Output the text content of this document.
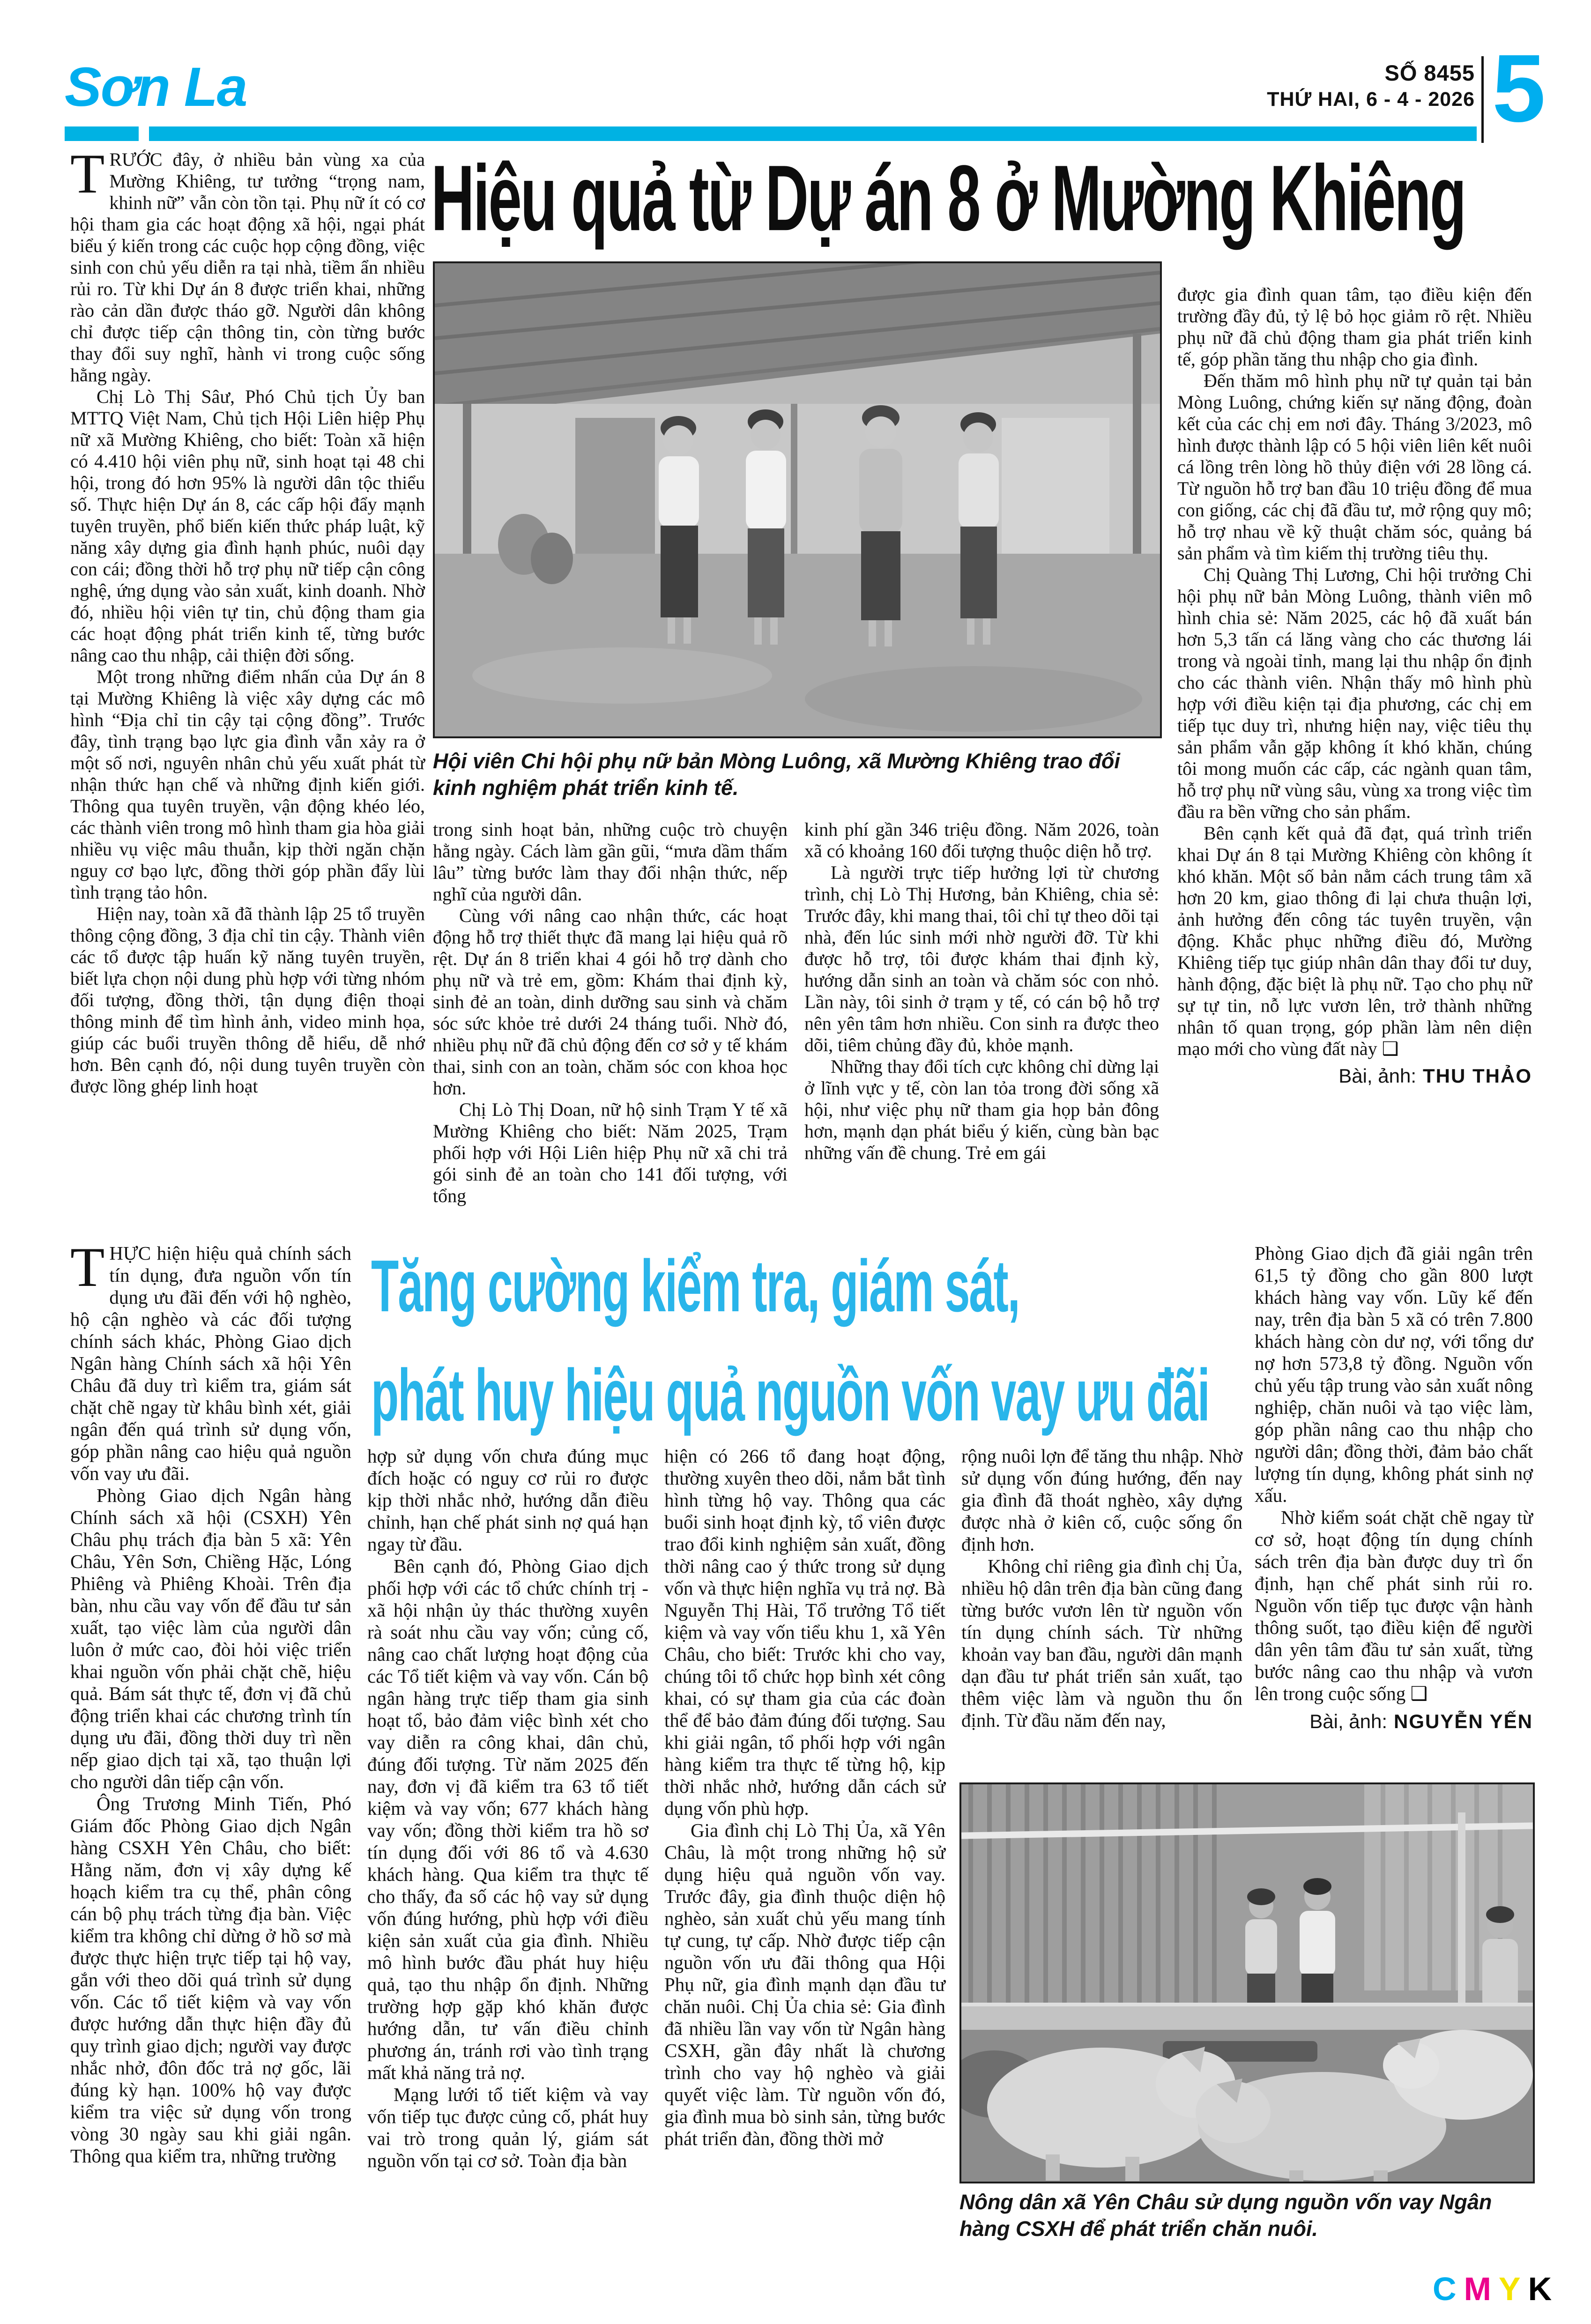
Sơn La	SỐ 8455
THỨ HAI, 6 - 4 - 2026 5
Hiệu quả từ Dự án 8 ở Mường Khiêng

TRƯỚC đây, ở nhiều bản vùng xa của Mường Khiêng, tư tưởng “trọng nam, khinh nữ” vẫn còn tồn tại. Phụ nữ ít có cơ hội tham gia các hoạt động xã hội, ngại phát biểu ý kiến trong các cuộc họp cộng đồng, việc sinh con chủ yếu diễn ra tại nhà, tiềm ẩn nhiều rủi ro. Từ khi Dự án 8 được triển khai, những rào cản dần được tháo gỡ. Người dân không chỉ được tiếp cận thông tin, còn từng bước thay đổi suy nghĩ, hành vi trong cuộc sống hằng ngày.

Chị Lò Thị Sâư, Phó Chủ tịch Ủy ban MTTQ Việt Nam, Chủ tịch Hội Liên hiệp Phụ nữ xã Mường Khiêng, cho biết: Toàn xã hiện có 4.410 hội viên phụ nữ, sinh hoạt tại 48 chi hội, trong đó hơn 95% là người dân tộc thiểu số. Thực hiện Dự án 8, các cấp hội đẩy mạnh tuyên truyền, phổ biến kiến thức pháp luật, kỹ năng xây dựng gia đình hạnh phúc, nuôi dạy con cái; đồng thời hỗ trợ phụ nữ tiếp cận công nghệ, ứng dụng vào sản xuất, kinh doanh. Nhờ đó, nhiều hội viên tự tin, chủ động tham gia các hoạt động phát triển kinh tế, từng bước nâng cao thu nhập, cải thiện đời sống.

Một trong những điểm nhấn của Dự án 8 tại Mường Khiêng là việc xây dựng các mô hình “Địa chỉ tin cậy tại cộng đồng”. Trước đây, tình trạng bạo lực gia đình vẫn xảy ra ở một số nơi, nguyên nhân chủ yếu xuất phát từ nhận thức hạn chế và những định kiến giới. Thông qua tuyên truyền, vận động khéo léo, các thành viên trong mô hình tham gia hòa giải nhiều vụ việc mâu thuẫn, kịp thời ngăn chặn nguy cơ bạo lực, đồng thời góp phần đẩy lùi tình trạng tảo hôn.

Hiện nay, toàn xã đã thành lập 25 tổ truyền thông cộng đồng, 3 địa chỉ tin cậy. Thành viên các tổ được tập huấn kỹ năng tuyên truyền, biết lựa chọn nội dung phù hợp với từng nhóm đối tượng, đồng thời, tận dụng điện thoại thông minh để tìm hình ảnh, video minh họa, giúp các buổi truyền thông dễ hiểu, dễ nhớ hơn. Bên cạnh đó, nội dung tuyên truyền còn được lồng ghép linh hoạt

Hội viên Chi hội phụ nữ bản Mòng Luông, xã Mường Khiêng trao đổi kinh nghiệm phát triển kinh tế.

trong sinh hoạt bản, những cuộc trò chuyện hằng ngày. Cách làm gần gũi, “mưa dầm thấm lâu” từng bước làm thay đổi nhận thức, nếp nghĩ của người dân.

Cùng với nâng cao nhận thức, các hoạt động hỗ trợ thiết thực đã mang lại hiệu quả rõ rệt. Dự án 8 triển khai 4 gói hỗ trợ dành cho phụ nữ và trẻ em, gồm: Khám thai định kỳ, sinh đẻ an toàn, dinh dưỡng sau sinh và chăm sóc sức khỏe trẻ dưới 24 tháng tuổi. Nhờ đó, nhiều phụ nữ đã chủ động đến cơ sở y tế khám thai, sinh con an toàn, chăm sóc con khoa học hơn.

Chị Lò Thị Doan, nữ hộ sinh Trạm Y tế xã Mường Khiêng cho biết: Năm 2025, Trạm phối hợp với Hội Liên hiệp Phụ nữ xã chi trả gói sinh đẻ an toàn cho 141 đối tượng, với tổng

kinh phí gần 346 triệu đồng. Năm 2026, toàn xã có khoảng 160 đối tượng thuộc diện hỗ trợ.

Là người trực tiếp hưởng lợi từ chương trình, chị Lò Thị Hương, bản Khiêng, chia sẻ: Trước đây, khi mang thai, tôi chỉ tự theo dõi tại nhà, đến lúc sinh mới nhờ người đỡ. Từ khi được hỗ trợ, tôi được khám thai định kỳ, hướng dẫn sinh an toàn và chăm sóc con nhỏ. Lần này, tôi sinh ở trạm y tế, có cán bộ hỗ trợ nên yên tâm hơn nhiều. Con sinh ra được theo dõi, tiêm chủng đầy đủ, khỏe mạnh.

Những thay đổi tích cực không chỉ dừng lại ở lĩnh vực y tế, còn lan tỏa trong đời sống xã hội, như việc phụ nữ tham gia họp bản đông hơn, mạnh dạn phát biểu ý kiến, cùng bàn bạc những vấn đề chung. Trẻ em gái

được gia đình quan tâm, tạo điều kiện đến trường đầy đủ, tỷ lệ bỏ học giảm rõ rệt. Nhiều phụ nữ đã chủ động tham gia phát triển kinh tế, góp phần tăng thu nhập cho gia đình.

Đến thăm mô hình phụ nữ tự quản tại bản Mòng Luông, chứng kiến sự năng động, đoàn kết của các chị em nơi đây. Tháng 3/2023, mô hình được thành lập có 5 hội viên liên kết nuôi cá lồng trên lòng hồ thủy điện với 28 lồng cá. Từ nguồn hỗ trợ ban đầu 10 triệu đồng để mua con giống, các chị đã đầu tư, mở rộng quy mô; hỗ trợ nhau về kỹ thuật chăm sóc, quảng bá sản phẩm và tìm kiếm thị trường tiêu thụ.

Chị Quàng Thị Lương, Chi hội trưởng Chi hội phụ nữ bản Mòng Luông, thành viên mô hình chia sẻ: Năm 2025, các hộ đã xuất bán hơn 5,3 tấn cá lăng vàng cho các thương lái trong và ngoài tỉnh, mang lại thu nhập ổn định cho các thành viên. Nhận thấy mô hình phù hợp với điều kiện tại địa phương, các chị em tiếp tục duy trì, nhưng hiện nay, việc tiêu thụ sản phẩm vẫn gặp không ít khó khăn, chúng tôi mong muốn các cấp, các ngành quan tâm, hỗ trợ phụ nữ vùng sâu, vùng xa trong việc tìm đầu ra bền vững cho sản phẩm.

Bên cạnh kết quả đã đạt, quá trình triển khai Dự án 8 tại Mường Khiêng còn không ít khó khăn. Một số bản nằm cách trung tâm xã hơn 20 km, giao thông đi lại chưa thuận lợi, ảnh hưởng đến công tác tuyên truyền, vận động. Khắc phục những điều đó, Mường Khiêng tiếp tục giúp nhân dân thay đổi tư duy, hành động, đặc biệt là phụ nữ. Tạo cho phụ nữ sự tự tin, nỗ lực vươn lên, trở thành những nhân tố quan trọng, góp phần làm nên diện mạo mới cho vùng đất này ❑

Bài, ảnh: THU THẢO
Tăng cường kiểm tra, giám sát,
phát huy hiệu quả nguồn vốn vay ưu đãi

THỰC hiện hiệu quả chính sách tín dụng, đưa nguồn vốn tín dụng ưu đãi đến với hộ nghèo, hộ cận nghèo và các đối tượng chính sách khác, Phòng Giao dịch Ngân hàng Chính sách xã hội Yên Châu đã duy trì kiểm tra, giám sát chặt chẽ ngay từ khâu bình xét, giải ngân đến quá trình sử dụng vốn, góp phần nâng cao hiệu quả nguồn vốn vay ưu đãi.

Phòng Giao dịch Ngân hàng Chính sách xã hội (CSXH) Yên Châu phụ trách địa bàn 5 xã: Yên Châu, Yên Sơn, Chiềng Hặc, Lóng Phiêng và Phiêng Khoài. Trên địa bàn, nhu cầu vay vốn để đầu tư sản xuất, tạo việc làm của người dân luôn ở mức cao, đòi hỏi việc triển khai nguồn vốn phải chặt chẽ, hiệu quả. Bám sát thực tế, đơn vị đã chủ động triển khai các chương trình tín dụng ưu đãi, đồng thời duy trì nền nếp giao dịch tại xã, tạo thuận lợi cho người dân tiếp cận vốn.

Ông Trương Minh Tiến, Phó Giám đốc Phòng Giao dịch Ngân hàng CSXH Yên Châu, cho biết: Hằng năm, đơn vị xây dựng kế hoạch kiểm tra cụ thể, phân công cán bộ phụ trách từng địa bàn. Việc kiểm tra không chỉ dừng ở hồ sơ mà được thực hiện trực tiếp tại hộ vay, gắn với theo dõi quá trình sử dụng vốn. Các tổ tiết kiệm và vay vốn được hướng dẫn thực hiện đầy đủ quy trình giao dịch; người vay được nhắc nhở, đôn đốc trả nợ gốc, lãi đúng kỳ hạn. 100% hộ vay được kiểm tra việc sử dụng vốn trong vòng 30 ngày sau khi giải ngân. Thông qua kiểm tra, những trường

Phòng Giao dịch đã giải ngân trên 61,5 tỷ đồng cho gần 800 lượt khách hàng vay vốn. Lũy kế đến nay, trên địa bàn 5 xã có trên 7.800 khách hàng còn dư nợ, với tổng dư nợ hơn 573,8 tỷ đồng. Nguồn vốn chủ yếu tập trung vào sản xuất nông nghiệp, chăn nuôi và tạo việc làm, góp phần nâng cao thu nhập cho người dân; đồng thời, đảm bảo chất lượng tín dụng, không phát sinh nợ xấu.

Nhờ kiểm soát chặt chẽ ngay từ cơ sở, hoạt động tín dụng chính sách trên địa bàn được duy trì ổn định, hạn chế phát sinh rủi ro. Nguồn vốn tiếp tục được vận hành thông suốt, tạo điều kiện để người dân yên tâm đầu tư sản xuất, từng bước nâng cao thu nhập và vươn lên trong cuộc sống ❑

Bài, ảnh: NGUYỄN YẾN

hợp sử dụng vốn chưa đúng mục đích hoặc có nguy cơ rủi ro được kịp thời nhắc nhở, hướng dẫn điều chỉnh, hạn chế phát sinh nợ quá hạn ngay từ đầu.

Bên cạnh đó, Phòng Giao dịch phối hợp với các tổ chức chính trị - xã hội nhận ủy thác thường xuyên rà soát nhu cầu vay vốn; củng cố, nâng cao chất lượng hoạt động của các Tổ tiết kiệm và vay vốn. Cán bộ ngân hàng trực tiếp tham gia sinh hoạt tổ, bảo đảm việc bình xét cho vay diễn ra công khai, dân chủ, đúng đối tượng. Từ năm 2025 đến nay, đơn vị đã kiểm tra 63 tổ tiết kiệm và vay vốn; 677 khách hàng vay vốn; đồng thời kiểm tra hồ sơ tín dụng đối với 86 tổ và 4.630 khách hàng. Qua kiểm tra thực tế cho thấy, đa số các hộ vay sử dụng vốn đúng hướng, phù hợp với điều kiện sản xuất của gia đình. Nhiều mô hình bước đầu phát huy hiệu quả, tạo thu nhập ổn định. Những trường hợp gặp khó khăn được hướng dẫn, tư vấn điều chỉnh phương án, tránh rơi vào tình trạng mất khả năng trả nợ.

Mạng lưới tổ tiết kiệm và vay vốn tiếp tục được củng cố, phát huy vai trò trong quản lý, giám sát nguồn vốn tại cơ sở. Toàn địa bàn

hiện có 266 tổ đang hoạt động, thường xuyên theo dõi, nắm bắt tình hình từng hộ vay. Thông qua các buổi sinh hoạt định kỳ, tổ viên được trao đổi kinh nghiệm sản xuất, đồng thời nâng cao ý thức trong sử dụng vốn và thực hiện nghĩa vụ trả nợ. Bà Nguyễn Thị Hài, Tổ trưởng Tổ tiết kiệm và vay vốn tiểu khu 1, xã Yên Châu, cho biết: Trước khi cho vay, chúng tôi tổ chức họp bình xét công khai, có sự tham gia của các đoàn thể để bảo đảm đúng đối tượng. Sau khi giải ngân, tổ phối hợp với ngân hàng kiểm tra thực tế từng hộ, kịp thời nhắc nhở, hướng dẫn cách sử dụng vốn phù hợp.

Gia đình chị Lò Thị Ủa, xã Yên Châu, là một trong những hộ sử dụng hiệu quả nguồn vốn vay. Trước đây, gia đình thuộc diện hộ nghèo, sản xuất chủ yếu mang tính tự cung, tự cấp. Nhờ được tiếp cận nguồn vốn ưu đãi thông qua Hội Phụ nữ, gia đình mạnh dạn đầu tư chăn nuôi. Chị Ủa chia sẻ: Gia đình đã nhiều lần vay vốn từ Ngân hàng CSXH, gần đây nhất là chương trình cho vay hộ nghèo và giải quyết việc làm. Từ nguồn vốn đó, gia đình mua bò sinh sản, từng bước phát triển đàn, đồng thời mở

rộng nuôi lợn để tăng thu nhập. Nhờ sử dụng vốn đúng hướng, đến nay gia đình đã thoát nghèo, xây dựng được nhà ở kiên cố, cuộc sống ổn định hơn.

Không chỉ riêng gia đình chị Ủa, nhiều hộ dân trên địa bàn cũng đang từng bước vươn lên từ nguồn vốn tín dụng chính sách. Từ những khoản vay ban đầu, người dân mạnh dạn đầu tư phát triển sản xuất, tạo thêm việc làm và nguồn thu ổn định. Từ đầu năm đến nay,

Nông dân xã Yên Châu sử dụng nguồn vốn vay Ngân hàng CSXH để phát triển chăn nuôi.
C M Y K
